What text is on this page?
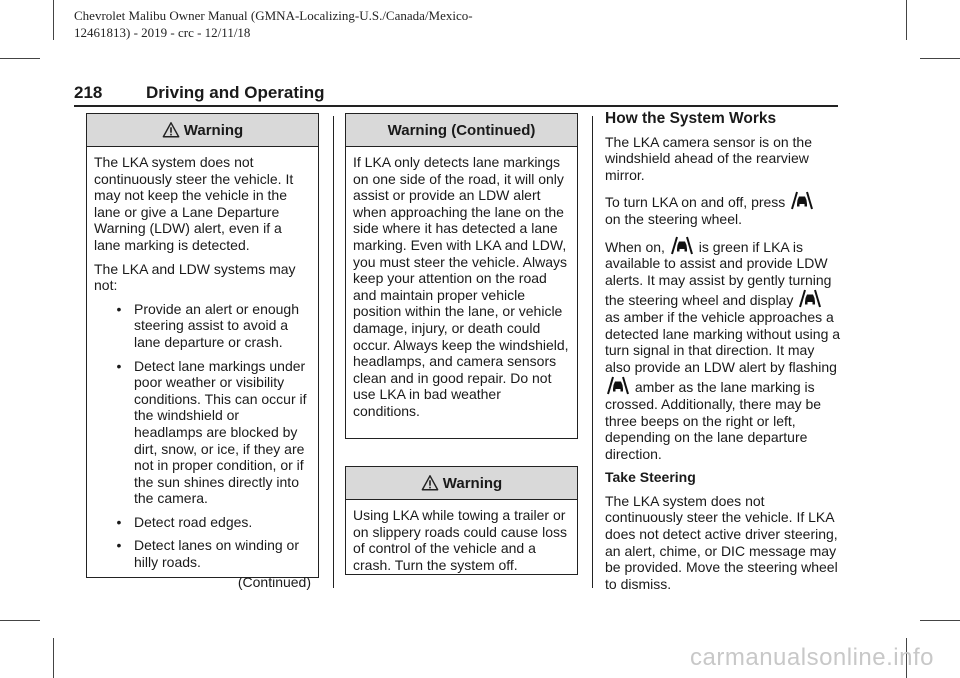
Chevrolet Malibu Owner Manual (GMNA-Localizing-U.S./Canada/Mexico-
12461813) - 2019 - crc - 12/11/18
218	Driving and Operating
Warning

The LKA system does not continuously steer the vehicle. It may not keep the vehicle in the lane or give a Lane Departure Warning (LDW) alert, even if a lane marking is detected.

The LKA and LDW systems may not:

• Provide an alert or enough steering assist to avoid a lane departure or crash.
• Detect lane markings under poor weather or visibility conditions. This can occur if the windshield or headlamps are blocked by dirt, snow, or ice, if they are not in proper condition, or if the sun shines directly into the camera.
• Detect road edges.
• Detect lanes on winding or hilly roads.
(Continued)
Warning (Continued)

If LKA only detects lane markings on one side of the road, it will only assist or provide an LDW alert when approaching the lane on the side where it has detected a lane marking. Even with LKA and LDW, you must steer the vehicle. Always keep your attention on the road and maintain proper vehicle position within the lane, or vehicle damage, injury, or death could occur. Always keep the windshield, headlamps, and camera sensors clean and in good repair. Do not use LKA in bad weather conditions.

Warning

Using LKA while towing a trailer or on slippery roads could cause loss of control of the vehicle and a crash. Turn the system off.

How the System Works

The LKA camera sensor is on the windshield ahead of the rearview mirror.

To turn LKA on and off, press
on the steering wheel.

When on, is green if LKA is available to assist and provide LDW alerts. It may assist by gently turning the steering wheel and display  as amber if the vehicle approaches a detected lane marking without using a turn signal in that direction. It may also provide an LDW alert by flashing  amber as the lane marking is crossed. Additionally, there may be three beeps on the right or left, depending on the lane departure direction.

Take Steering

The LKA system does not continuously steer the vehicle. If LKA does not detect active driver steering, an alert, chime, or DIC message may be provided. Move the steering wheel to dismiss.

carmanualsonline.info
